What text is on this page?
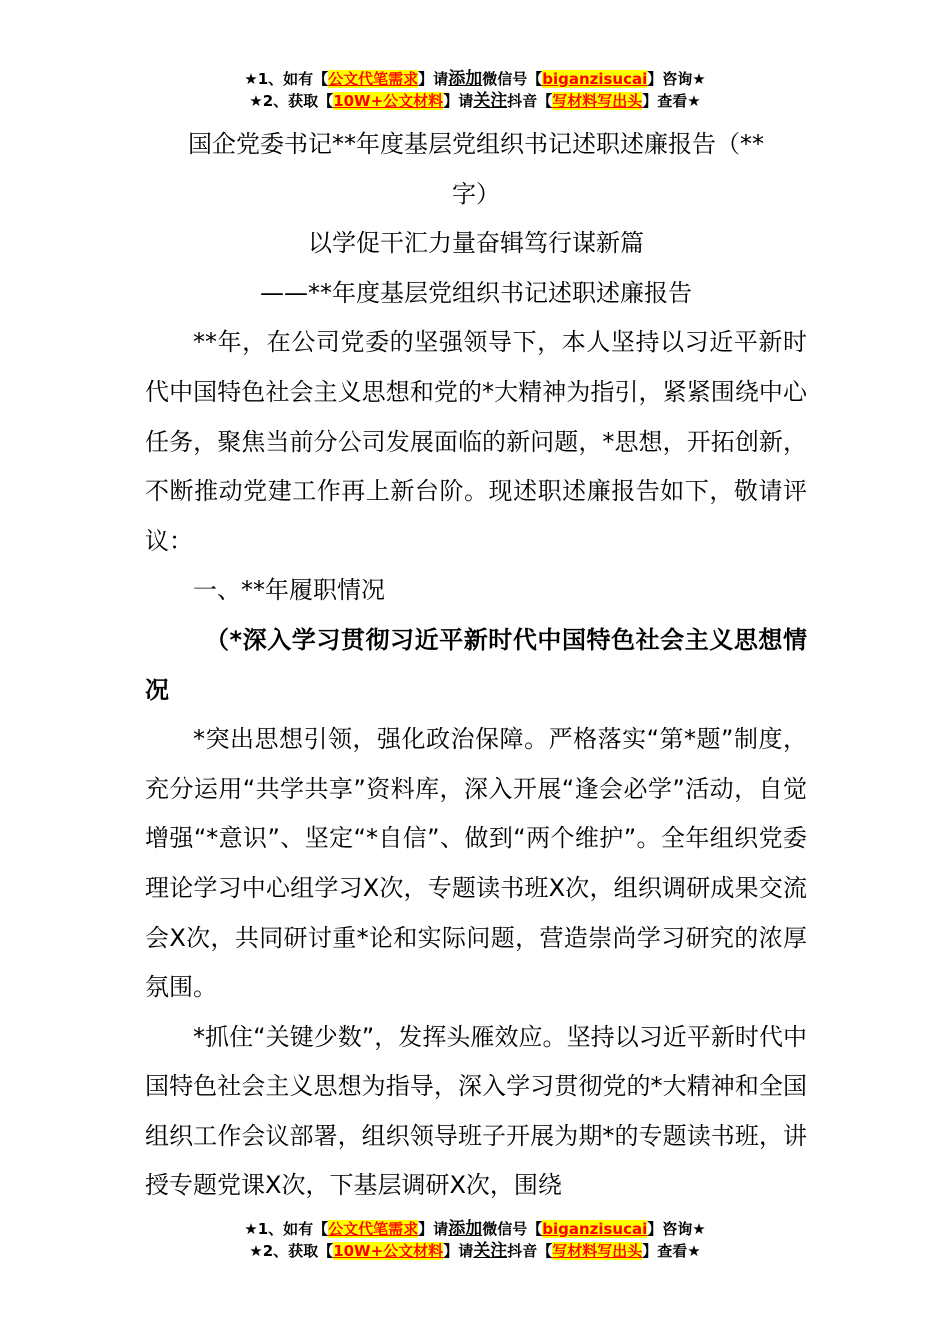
★1、如有【公文代笔需求】请添加微信号【biganzisucai】咨询★
★2、获取【10W+公文材料】请关注抖音【写材料写出头】查看★
国企党委书记**年度基层党组织书记述职述廉报告（**
字）
以学促干汇力量奋辑笃行谋新篇
——**年度基层党组织书记述职述廉报告

**年，在公司党委的坚强领导下，本人坚持以习近平新时代中国特色社会主义思想和党的*大精神为指引，紧紧围绕中心任务，聚焦当前分公司发展面临的新问题，*思想，开拓创新，不断推动党建工作再上新台阶。现述职述廉报告如下，敬请评议：

一、**年履职情况

（*深入学习贯彻习近平新时代中国特色社会主义思想情况

*突出思想引领，强化政治保障。严格落实“第*题”制度，充分运用“共学共享”资料库，深入开展“逢会必学”活动，自觉增强“*意识”、坚定“*自信”、做到“两个维护”。全年组织党委理论学习中心组学习X次，专题读书班X次，组织调研成果交流会X次，共同研讨重*论和实际问题，营造崇尚学习研究的浓厚氛围。

*抓住“关键少数”，发挥头雁效应。坚持以习近平新时代中国特色社会主义思想为指导，深入学习贯彻党的*大精神和全国组织工作会议部署，组织领导班子开展为期*的专题读书班，讲授专题党课X次，下基层调研X次，围绕

★1、如有【公文代笔需求】请添加微信号【biganzisucai】咨询★
★2、获取【10W+公文材料】请关注抖音【写材料写出头】查看★
